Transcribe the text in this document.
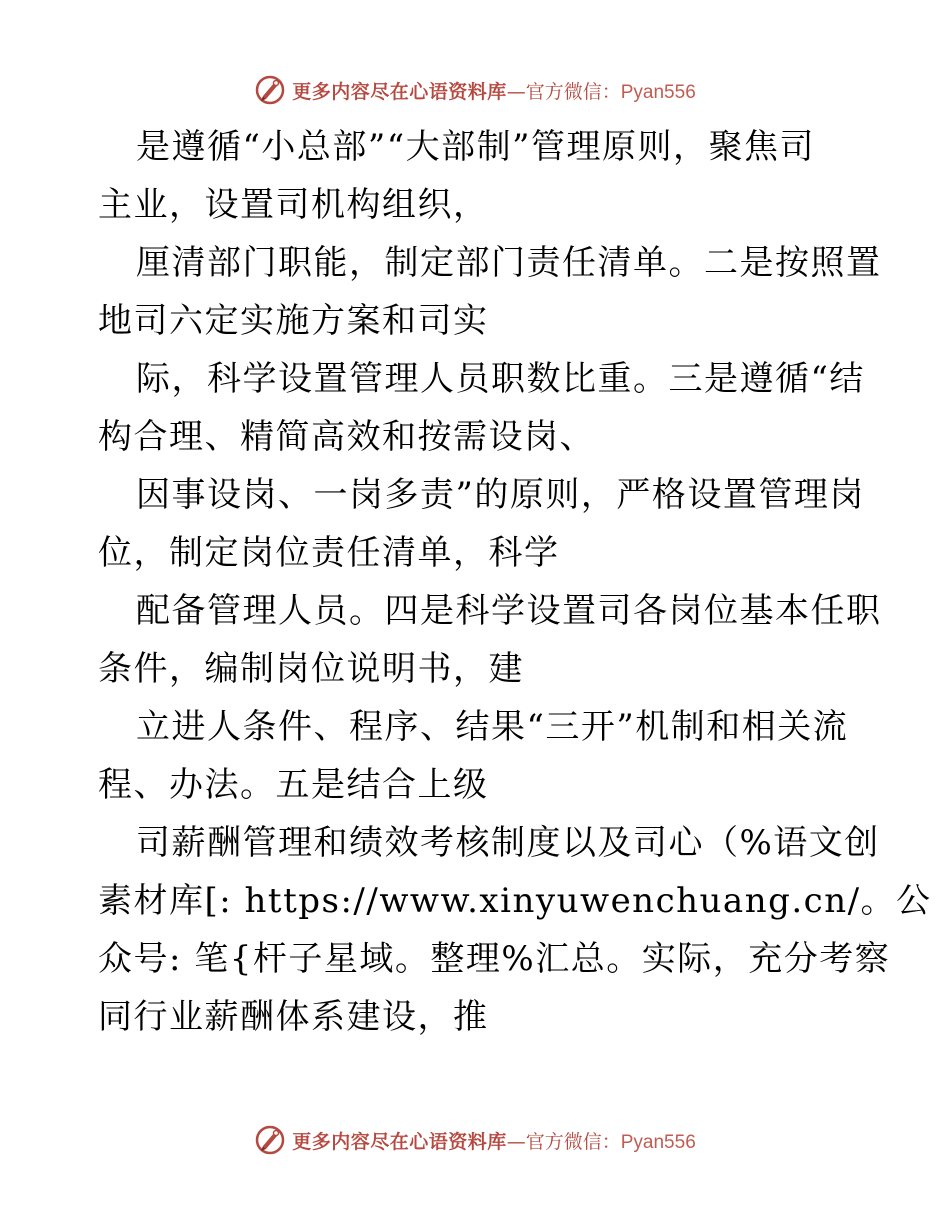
更多内容尽在心语资料库 — 官方微信： Pyan556
是遵循“小总部”“大部制”管理原则，聚焦司
主业，设置司机构组织，
厘清部门职能，制定部门责任清单。二是按照置
地司六定实施方案和司实
际，科学设置管理人员职数比重。三是遵循“结
构合理、精简高效和按需设岗、
因事设岗、一岗多责”的原则，严格设置管理岗
位，制定岗位责任清单，科学
配备管理人员。四是科学设置司各岗位基本任职
条件，编制岗位说明书，建
立进人条件、程序、结果“三开”机制和相关流
程、办法。五是结合上级
司薪酬管理和绩效考核制度以及司心（%语文创
素材库[: https://www.xinyuwenchuang.cn/。公
众号: 笔{杆子星域。整理%汇总。实际，充分考察
同行业薪酬体系建设，推
更多内容尽在心语资料库 — 官方微信： Pyan556
